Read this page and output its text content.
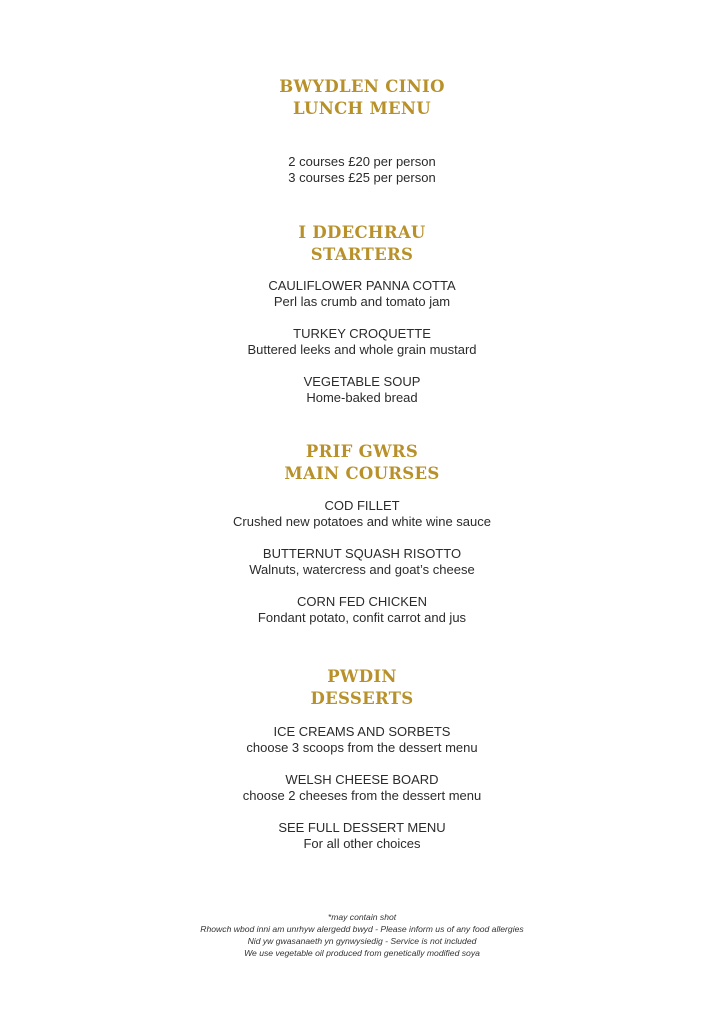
BWYDLEN CINIO
LUNCH MENU
2 courses £20 per person
3 courses £25 per person
I DDECHRAU
STARTERS
CAULIFLOWER PANNA COTTA
Perl las crumb and tomato jam
TURKEY CROQUETTE
Buttered leeks and whole grain mustard
VEGETABLE SOUP
Home-baked bread
PRIF GWRS
MAIN COURSES
COD FILLET
Crushed new potatoes and white wine sauce
BUTTERNUT SQUASH RISOTTO
Walnuts, watercress and goat’s cheese
CORN FED CHICKEN
Fondant potato, confit carrot and jus
PWDIN
DESSERTS
ICE CREAMS AND SORBETS
choose 3 scoops from the dessert menu
WELSH CHEESE BOARD
choose 2 cheeses from the dessert menu
SEE FULL DESSERT MENU
For all other choices
*may contain shot
Rhowch wbod inni am unrhyw alergedd bwyd - Please inform us of any food allergies
Nid yw gwasanaeth yn gynwysiedig - Service is not included
We use vegetable oil produced from genetically modified soya
